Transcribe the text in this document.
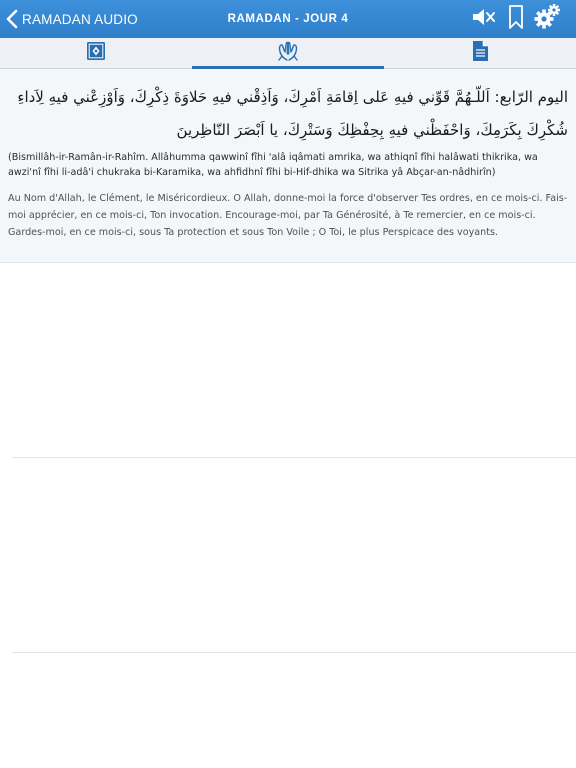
RAMADAN AUDIO	RAMADAN - JOUR 4
اليوم الرّابع: اَللّـهُمَّ قَوِّني فيهِ عَلى اِقامَةِ اَمْرِكَ، وَاَذِقْني فيهِ حَلاوَةَ ذِكْرِكَ، وَاَوْزِعْني فيهِ لِاَداءِ شُكْرِكَ بِكَرَمِكَ، وَاحْفَظْني فيهِ بِحِفْظِكَ وَسَتْرِكَ، يا اَبْصَرَ النّاظِرينَ
(Bismillâh-ir-Ramân-ir-Rahîm. Allâhumma qawwinî fîhi 'alâ iqâmati amrika, wa athiqnî fîhi halâwati thikrika, wa awzi'nî fîhi li-adâ'i chukraka bi-Karamika, wa ahfidhnî fîhi bi-Hif-dhika wa Sitrika yâ Abçar-an-nâdhirîn)
Au Nom d'Allah, le Clément, le Miséricordieux. O Allah, donne-moi la force d'observer Tes ordres, en ce mois-ci. Fais-moi apprécier, en ce mois-ci, Ton invocation. Encourage-moi, par Ta Générosité, à Te remercier, en ce mois-ci. Gardes-moi, en ce mois-ci, sous Ta protection et sous Ton Voile ; O Toi, le plus Perspicace des voyants.
